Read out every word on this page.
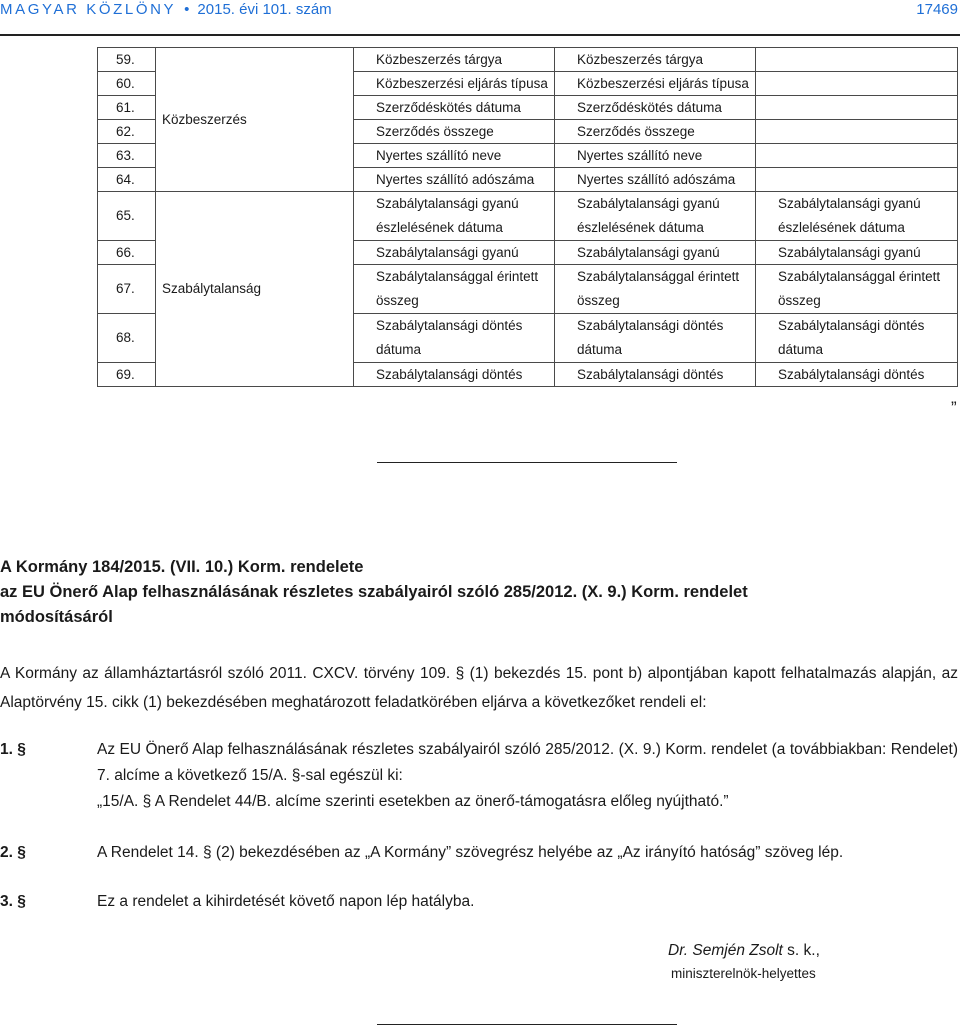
MAGYAR KÖZLÖNY • 2015. évi 101. szám	17469
59.	Közbeszerzés	Közbeszerzés tárgya	Közbeszerzés tárgya	
60.		Közbeszerzési eljárás típusa	Közbeszerzési eljárás típusa	
61.		Szerződéskötés dátuma	Szerződéskötés dátuma	
62.		Szerződés összege	Szerződés összege	
63.		Nyertes szállító neve	Nyertes szállító neve	
64.		Nyertes szállító adószáma	Nyertes szállító adószáma	
65.	Szabálytalanság	Szabálytalansági gyanú észlelésének dátuma	Szabálytalansági gyanú észlelésének dátuma	Szabálytalansági gyanú észlelésének dátuma
66.		Szabálytalansági gyanú	Szabálytalansági gyanú	Szabálytalansági gyanú
67.		Szabálytalansággal érintett összeg	Szabálytalansággal érintett összeg	Szabálytalansággal érintett összeg
68.		Szabálytalansági döntés dátuma	Szabálytalansági döntés dátuma	Szabálytalansági döntés dátuma
69.		Szabálytalansági döntés	Szabálytalansági döntés	Szabálytalansági döntés
”
A Kormány 184/2015. (VII. 10.) Korm. rendelete
az EU Önerő Alap felhasználásának részletes szabályairól szóló 285/2012. (X. 9.) Korm. rendelet
módosításáról
A Kormány az államháztartásról szóló 2011. CXCV. törvény 109. § (1) bekezdés 15. pont b) alpontjában kapott felhatalmazás alapján, az Alaptörvény 15. cikk (1) bekezdésében meghatározott feladatkörében eljárva a következőket rendeli el:
1. §	Az EU Önerő Alap felhasználásának részletes szabályairól szóló 285/2012. (X. 9.) Korm. rendelet (a továbbiakban: Rendelet) 7. alcíme a következő 15/A. §-sal egészül ki:
„15/A. § A Rendelet 44/B. alcíme szerinti esetekben az önerő-támogatásra előleg nyújtható.”
2. §	A Rendelet 14. § (2) bekezdésében az „A Kormány” szövegrész helyébe az „Az irányító hatóság” szöveg lép.
3. §	Ez a rendelet a kihirdetését követő napon lép hatályba.
Dr. Semjén Zsolt s. k.,
miniszterelnök-helyettes
